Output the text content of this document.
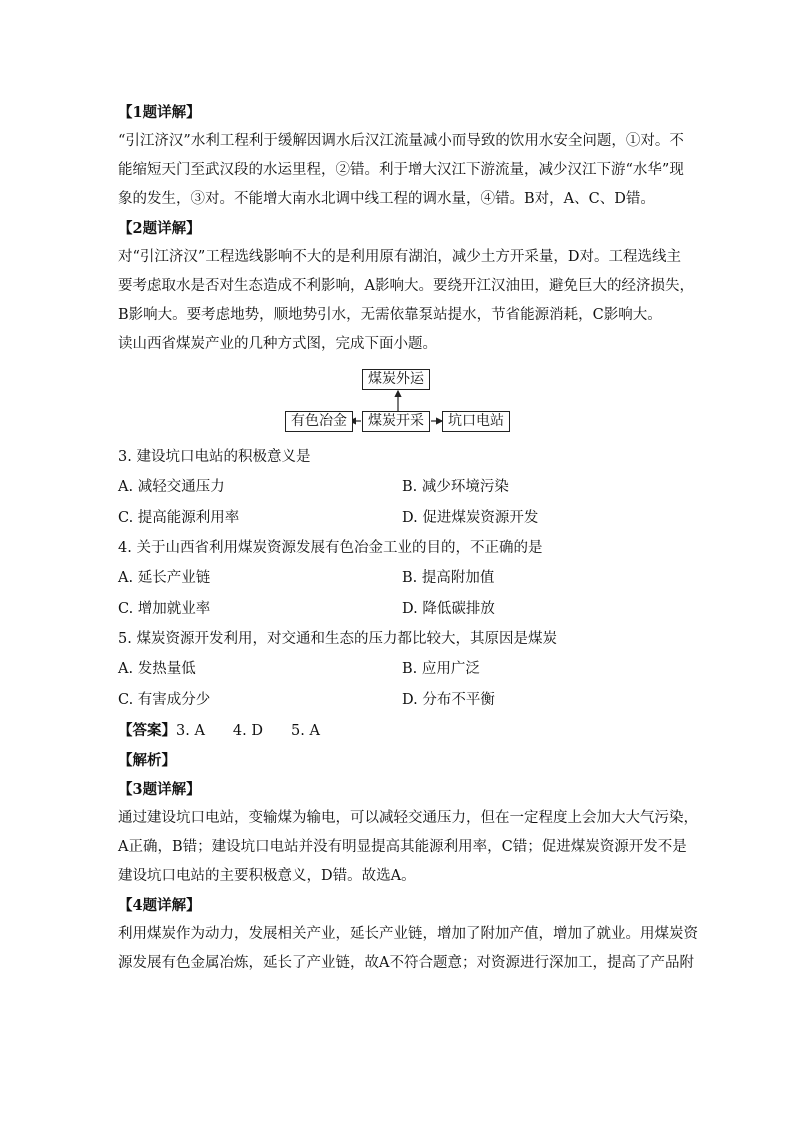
【1题详解】

“引江济汉”水利工程利于缓解因调水后汉江流量减小而导致的饮用水安全问题，①对。不

能缩短天门至武汉段的水运里程，②错。利于增大汉江下游流量，减少汉江下游“水华”现

象的发生，③对。不能增大南水北调中线工程的调水量，④错。B对，A、C、D错。

【2题详解】

对“引江济汉”工程选线影响不大的是利用原有湖泊，减少土方开采量，D对。工程选线主

要考虑取水是否对生态造成不利影响，A影响大。要绕开江汉油田，避免巨大的经济损失，

B影响大。要考虑地势，顺地势引水，无需依靠泵站提水，节省能源消耗，C影响大。

读山西省煤炭产业的几种方式图，完成下面小题。

煤炭外运
煤炭开采
有色冶金	坑口电站

3. 建设坑口电站的积极意义是

A. 减轻交通压力	B. 减少环境污染
C. 提高能源利用率	D. 促进煤炭资源开发

4. 关于山西省利用煤炭资源发展有色冶金工业的目的，不正确的是

A. 延长产业链	B. 提高附加值
C. 增加就业率	D. 降低碳排放

5. 煤炭资源开发利用，对交通和生态的压力都比较大，其原因是煤炭

A. 发热量低	B. 应用广泛
C. 有害成分少	D. 分布不平衡

【答案】3. A 4. D 5. A

【解析】

【3题详解】

通过建设坑口电站，变输煤为输电，可以减轻交通压力，但在一定程度上会加大大气污染，

A正确，B错；建设坑口电站并没有明显提高其能源利用率，C错；促进煤炭资源开发不是

建设坑口电站的主要积极意义，D错。故选A。

【4题详解】

利用煤炭作为动力，发展相关产业，延长产业链，增加了附加产值，增加了就业。用煤炭资

源发展有色金属冶炼，延长了产业链，故A不符合题意；对资源进行深加工，提高了产品附
